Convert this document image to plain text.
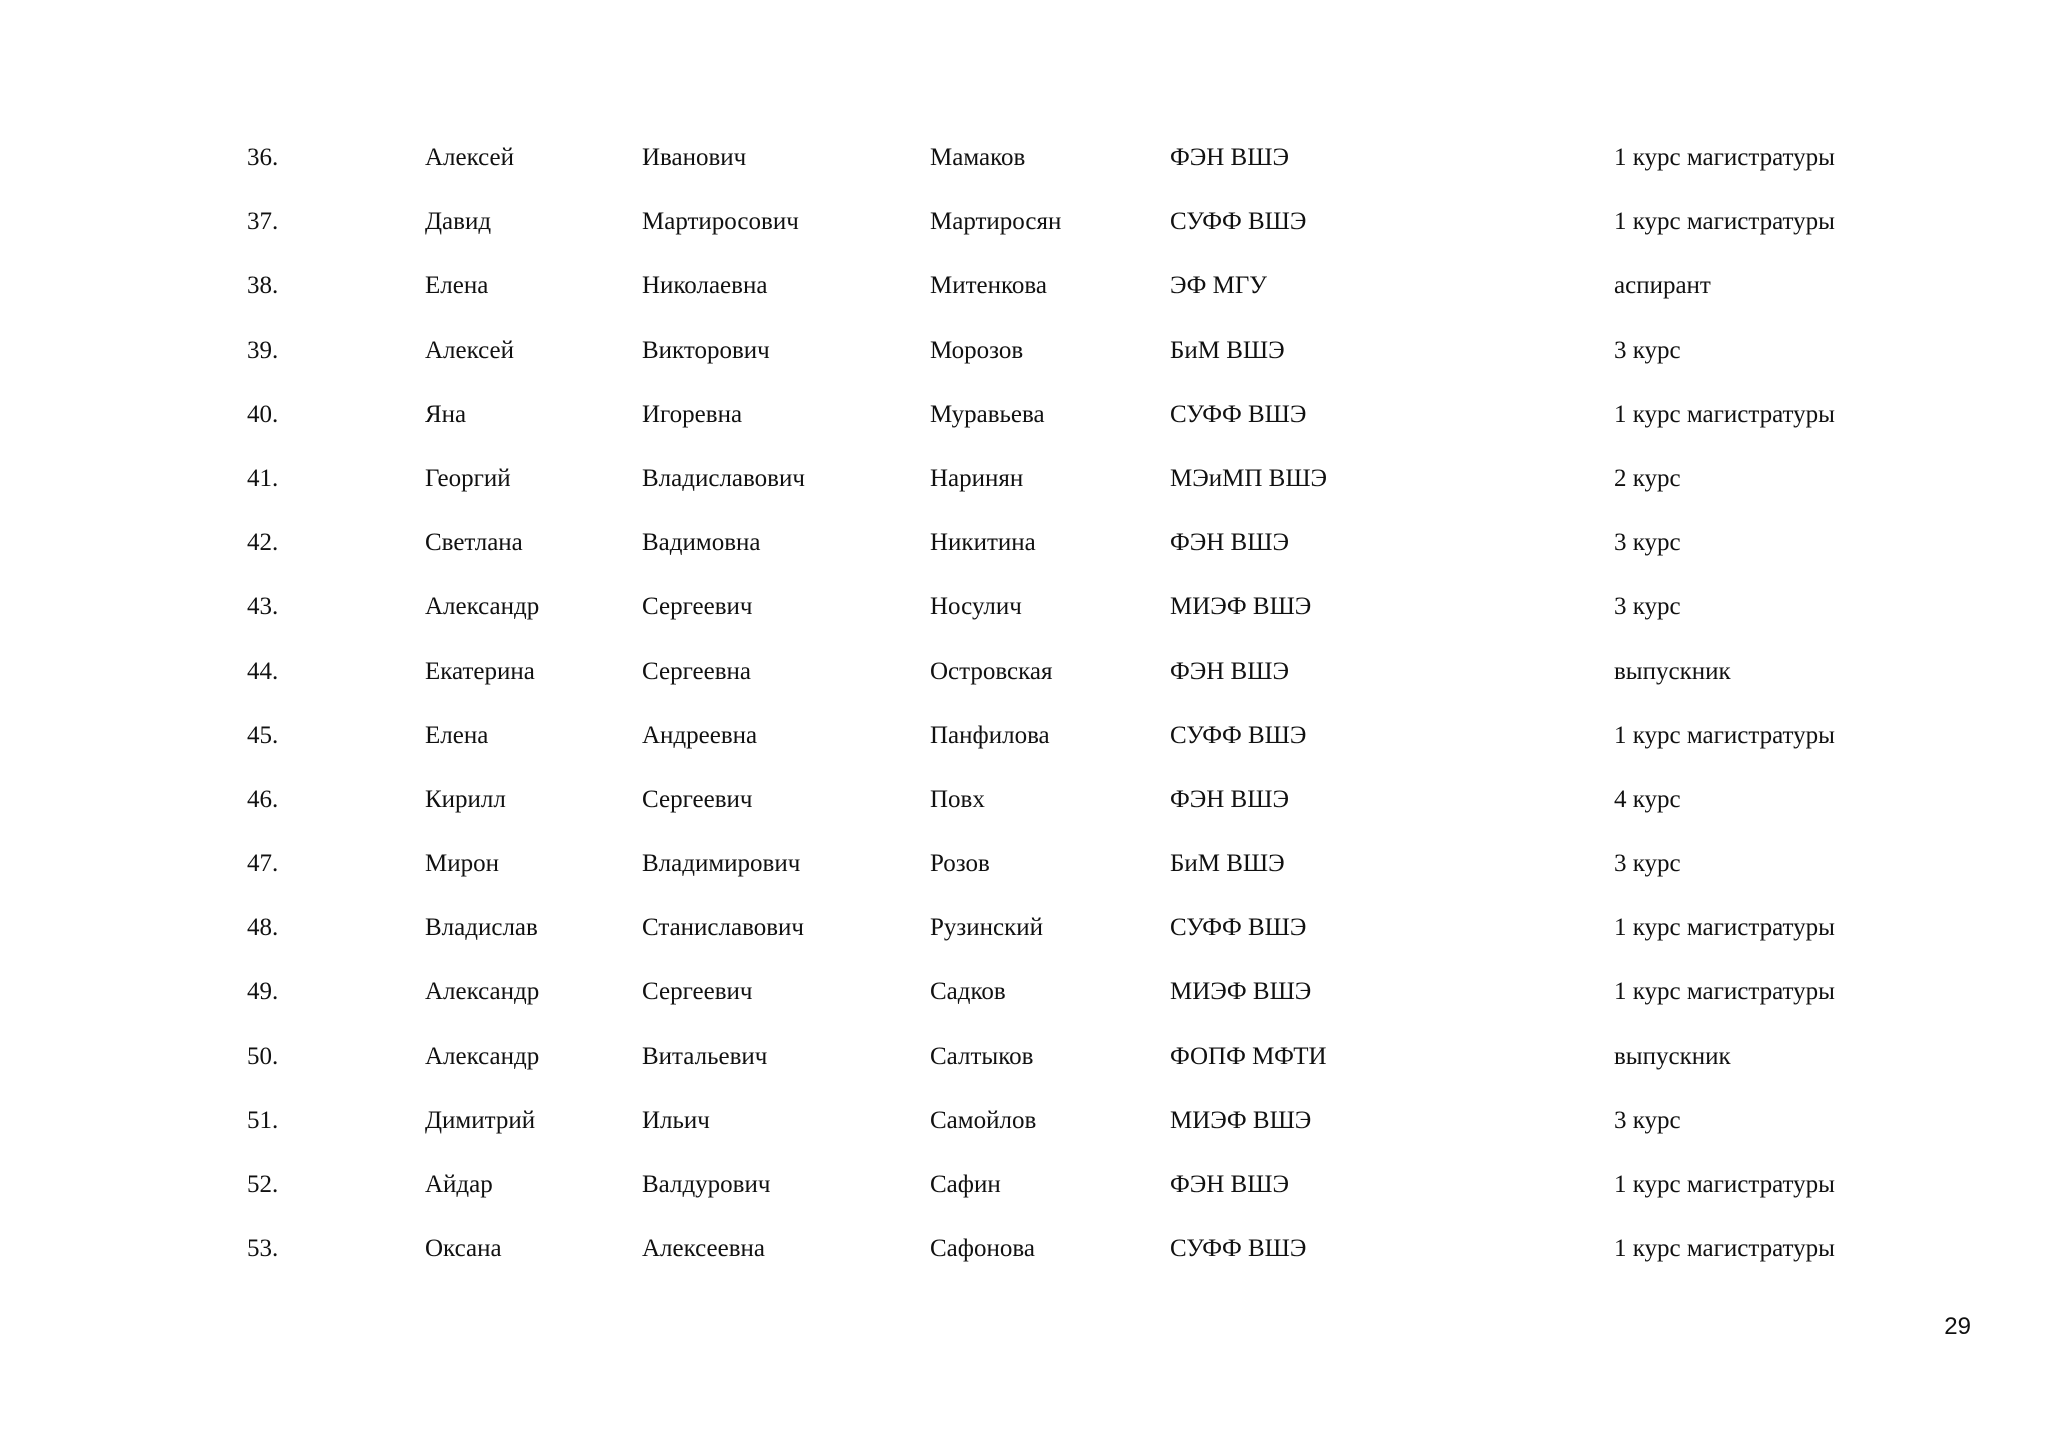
36.	Алексей	Иванович	Мамаков	ФЭН ВШЭ	1 курс магистратуры
37.	Давид	Мартиросович	Мартиросян	СУФФ ВШЭ	1 курс магистратуры
38.	Елена	Николаевна	Митенкова	ЭФ МГУ	аспирант
39.	Алексей	Викторович	Морозов	БиМ ВШЭ	3 курс
40.	Яна	Игоревна	Муравьева	СУФФ ВШЭ	1 курс магистратуры
41.	Георгий	Владиславович	Наринян	МЭиМП ВШЭ	2 курс
42.	Светлана	Вадимовна	Никитина	ФЭН ВШЭ	3 курс
43.	Александр	Сергеевич	Носулич	МИЭФ ВШЭ	3 курс
44.	Екатерина	Сергеевна	Островская	ФЭН ВШЭ	выпускник
45.	Елена	Андреевна	Панфилова	СУФФ ВШЭ	1 курс магистратуры
46.	Кирилл	Сергеевич	Повх	ФЭН ВШЭ	4 курс
47.	Мирон	Владимирович	Розов	БиМ ВШЭ	3 курс
48.	Владислав	Станиславович	Рузинский	СУФФ ВШЭ	1 курс магистратуры
49.	Александр	Сергеевич	Садков	МИЭФ ВШЭ	1 курс магистратуры
50.	Александр	Витальевич	Салтыков	ФОПФ МФТИ	выпускник
51.	Димитрий	Ильич	Самойлов	МИЭФ ВШЭ	3 курс
52.	Айдар	Валдурович	Сафин	ФЭН ВШЭ	1 курс магистратуры
53.	Оксана	Алексеевна	Сафонова	СУФФ ВШЭ	1 курс магистратуры
29
